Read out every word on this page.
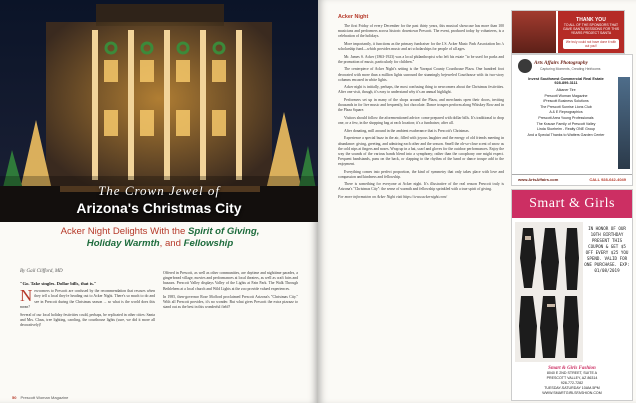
The Crown Jewel of
Arizona's Christmas City
Acker Night Delights With the Spirit of Giving,
Holiday Warmth, and Fellowship
By Gail Clifford, MD

"Go. Take singles. Dollar bills, that is."

Newcomers to Prescott are confused by the recommendation that rescues when they tell a local they're heading out to Acker Night. There's so much to do and see in Prescott during the Christmas season ... so what is the world does this mean?

Several of our local holiday festivities could, perhaps, be replicated in other cities: Santa and Mrs. Claus, tree lighting, caroling, the courthouse lights (sure, we did it more all decoratively)!

Offered in Prescott, as well as other communities, are daytime and nighttime parades, a gingerbread village, movies and performances at local theaters, as well as craft fairs and bazaars. Prescott Valley displays Valley of the Lights at Fain Park. The Walk Through Bethlehem at a local church and Wild Lights at the zoo provide valued experiences.

In 1985, then-governor Rose Mofford proclaimed Prescott Arizona's "Christmas City." With all Prescott provides, it's no wonder. But what gives Prescott the extra pizzazz to stand out as the best in this wonderful field?

50 Prescott Woman Magazine
Acker Night

The first Friday of every December for the past thirty years, this musical showcase has more than 100 musicians and performers across historic downtown Prescott. The event, produced today by volunteers, is a celebration of the holidays.

More importantly, it functions as the primary fundraiser for the J.S. Acker Music Park Association Inc.'s scholarship fund—which provides music and art scholarships for people of all ages.

Mr. James S. Acker (1863-1923) was a local philanthropist who left his estate "to be used for parks and the promotion of music, particularly for children."

The centerpiece of Acker Night's setting is the Yavapai County Courthouse Plaza. One hundred foot decorated with more than a million lights surround the stunningly bejeweled Courthouse with its two-story columns encased in white lights.

Acker night is initially, perhaps, the most confusing thing to newcomers about the Christmas festivities. After one visit, though, it's easy to understand why it's an annual highlight.

Performers set up in many of the shops around the Plaza, and merchants open their doors, inviting thousands in for live music and frequently, hot chocolate. Dance troupes perform along Whiskey Row and in the Plaza Square.

Visitors should follow the aforementioned advice: come prepared with dollar bills. It's traditional to drop one, or a few, in the shopping bag at each location; it's a fundraiser, after all.

After donating, mill around in the ambient exuberance that is Prescott's Christmas.

Experience a special buzz in the air, filled with joyous laughter and the energy of old friends meeting in abundance: giving, greeting, and admiring each other and the season. Smell the oh-so-close scent of snow as the cold nips at fingers and noses. Wrap up in a hat, scarf and gloves for the outdoor performances. Enjoy the way the sounds of the various bands blend into a symphony; rather than the cacophony one might expect. Frequent bandstands, pans on the back, or clapping to the rhythm of the band or dance troupe add to the enjoyment.

Everything comes into perfect proportion, the kind of symmetry that only takes place with love and compassion and kindness and fellowship.

There is something for everyone at Acker night. It's illustrative of the real reason Prescott truly is Arizona's "Christmas City": the sense of warmth and fellowship sprinkled with a true spirit of giving.

For more information on Acker Night visit https://www.ackernight.com/

THANK YOU
TO ALL OF THE SPONSORS THAT GAVE SANTA SESSIONS FOR THIS YEARS PROJECT SANTA
We truly could not have done it with out you!!
Arts Affairs Photography
Capturing Moments, Creating Heirlooms
Invest Southwest Commercial Real Estate
928-899-3111
Alkaner Tire
Prescott Woman Magazine
iPrescott Business Solutions
The Prescott Sunrise Lions Club
A & E Reprographics
Prescott Area Young Professionals
The Krause Family of Prescott Valley
Linda Skorheim - Realty ONE Group
And a Special Thanks to Watters Garden Center
www.ArtsAffairs.com	CALL 928-642-4049
Smart & Girls
IN HONOR OF OUR 10TH BIRTHDAY PRESENT THIS COUPON & GET $5 OFF EVERY $25 YOU SPEND. VALID FOR ONE PURCHASE. EXP: 01/08/2019
Smart & Girls Fashion
8040 E 2ND STREET, SUITE A
PRESCOTT VALLEY, AZ 86314
928-772-7282
TUESDAY-SATURDAY 10AM-5PM
WWW.SMARTGIRLSFASHION.COM
